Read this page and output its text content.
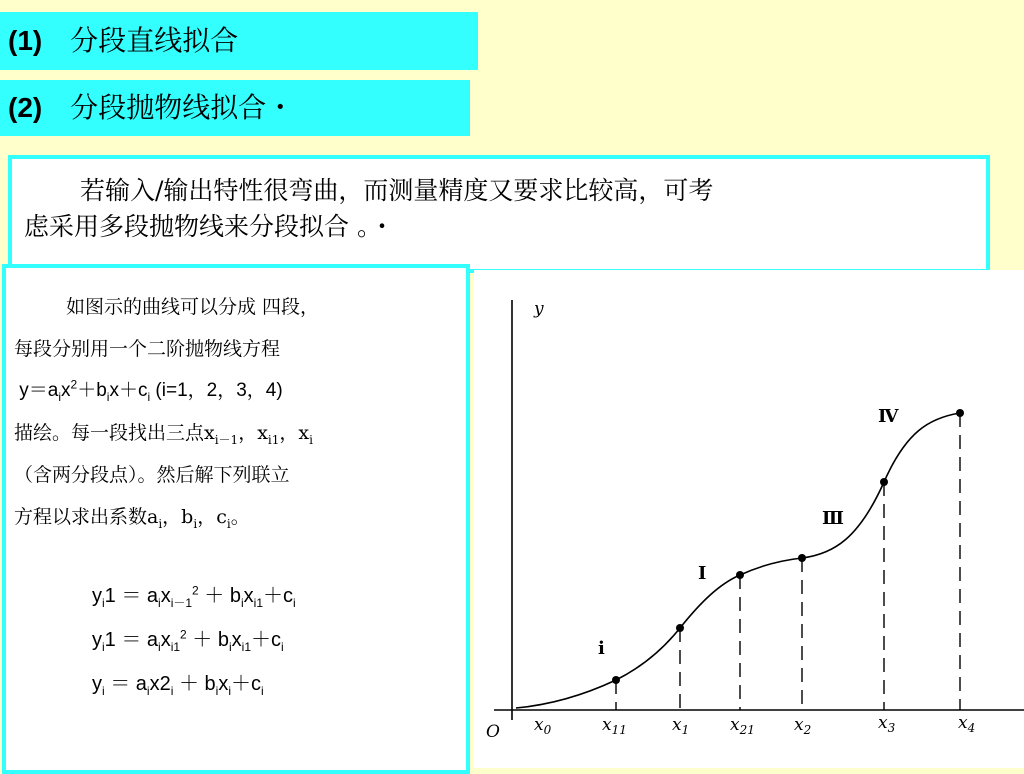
(1) 分段直线拟合
(2) 分段抛物线拟合・
若输入/输出特性很弯曲，而测量精度又要求比较高，可考
虑采用多段抛物线来分段拟合 。・

如图示的曲线可以分成 四段，

每段分别用一个二阶抛物线方程

$y=a_ix^2+b_ix+c_i$ (i=1，2，3，4)

描绘。每一段找出三点$x_{i-1}$，$x_{i1}$，$x_i$

（含两分段点）。然后解下列联立

方程以求出系数$a_i$，$b_i$，$c_i$。

$y_i1 = a_ix_{i-1}^2 + b_ix_{i1}+c_i$
$y_i1 = a_ix_{i1}^2 + b_ix_{i1}+c_i$
$y_i = a_ix2_i + b_ix_i+c_i$
y
O
i
I
Ⅲ
Ⅳ
$x_0$	$x_{11}$	$x_1$ $x_{21}$ $x_2$	$x_3$	$x_4$
